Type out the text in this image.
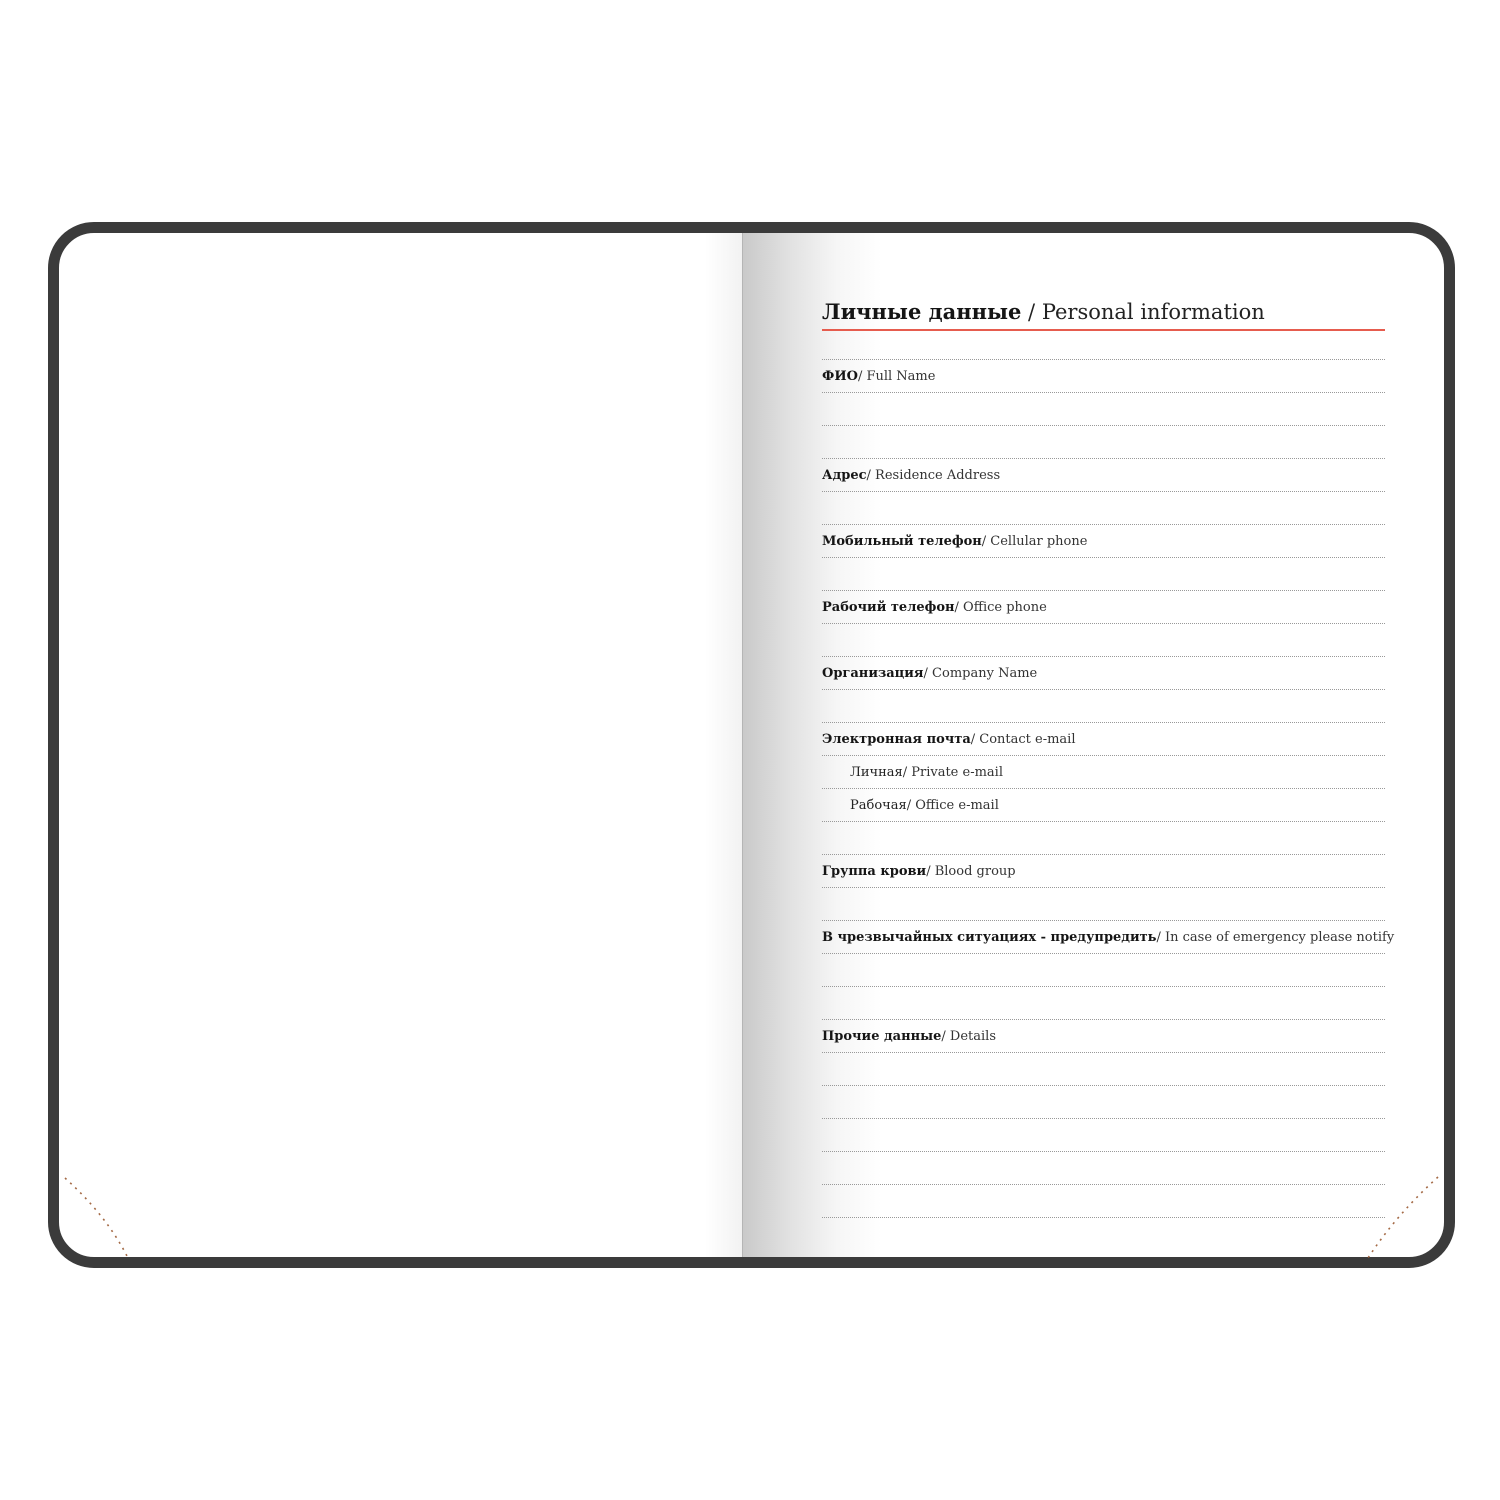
Личные данные / Personal information
ФИО / Full Name
Адрес / Residence Address
Мобильный телефон / Cellular phone
Рабочий телефон / Office phone
Организация / Company Name
Электронная почта / Contact e-mail
Личная / Private e-mail
Рабочая / Office e-mail
Группа крови / Blood group
В чрезвычайных ситуациях - предупредить / In case of emergency please notify
Прочие данные / Details
